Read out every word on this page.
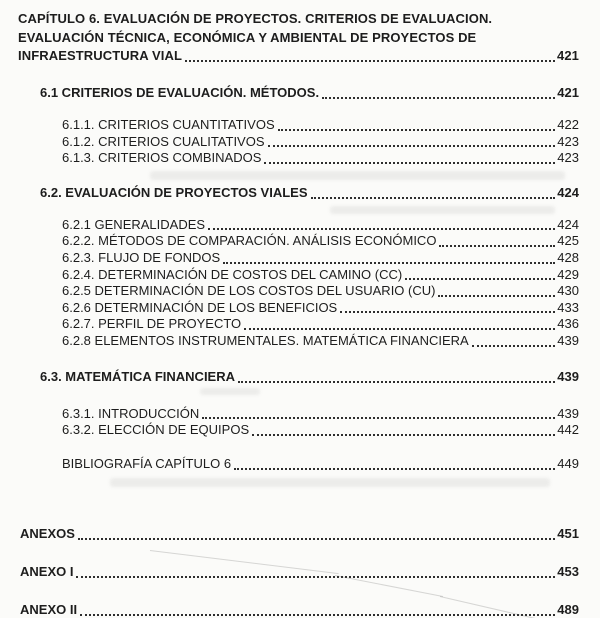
CAPÍTULO 6. EVALUACIÓN DE PROYECTOS. CRITERIOS DE EVALUACION.
EVALUACIÓN TÉCNICA, ECONÓMICA Y AMBIENTAL DE PROYECTOS DE
INFRAESTRUCTURA VIAL	421
6.1 CRITERIOS DE EVALUACIÓN. MÉTODOS.	421
6.1.1. CRITERIOS CUANTITATIVOS	422
6.1.2. CRITERIOS CUALITATIVOS	423
6.1.3. CRITERIOS COMBINADOS	423
6.2. EVALUACIÓN DE PROYECTOS VIALES	424
6.2.1 GENERALIDADES	424
6.2.2. MÉTODOS DE COMPARACIÓN. ANÁLISIS ECONÓMICO	425
6.2.3. FLUJO DE FONDOS	428
6.2.4. DETERMINACIÓN DE COSTOS DEL CAMINO (CC)	429
6.2.5 DETERMINACIÓN DE LOS COSTOS DEL USUARIO (CU)	430
6.2.6 DETERMINACIÓN DE LOS BENEFICIOS	433
6.2.7. PERFIL DE PROYECTO	436
6.2.8 ELEMENTOS INSTRUMENTALES. MATEMÁTICA FINANCIERA	439
6.3. MATEMÁTICA FINANCIERA	439
6.3.1. INTRODUCCIÓN	439
6.3.2. ELECCIÓN DE EQUIPOS	442
BIBLIOGRAFÍA CAPÍTULO 6	449
ANEXOS	451
ANEXO I	453
ANEXO II	489
